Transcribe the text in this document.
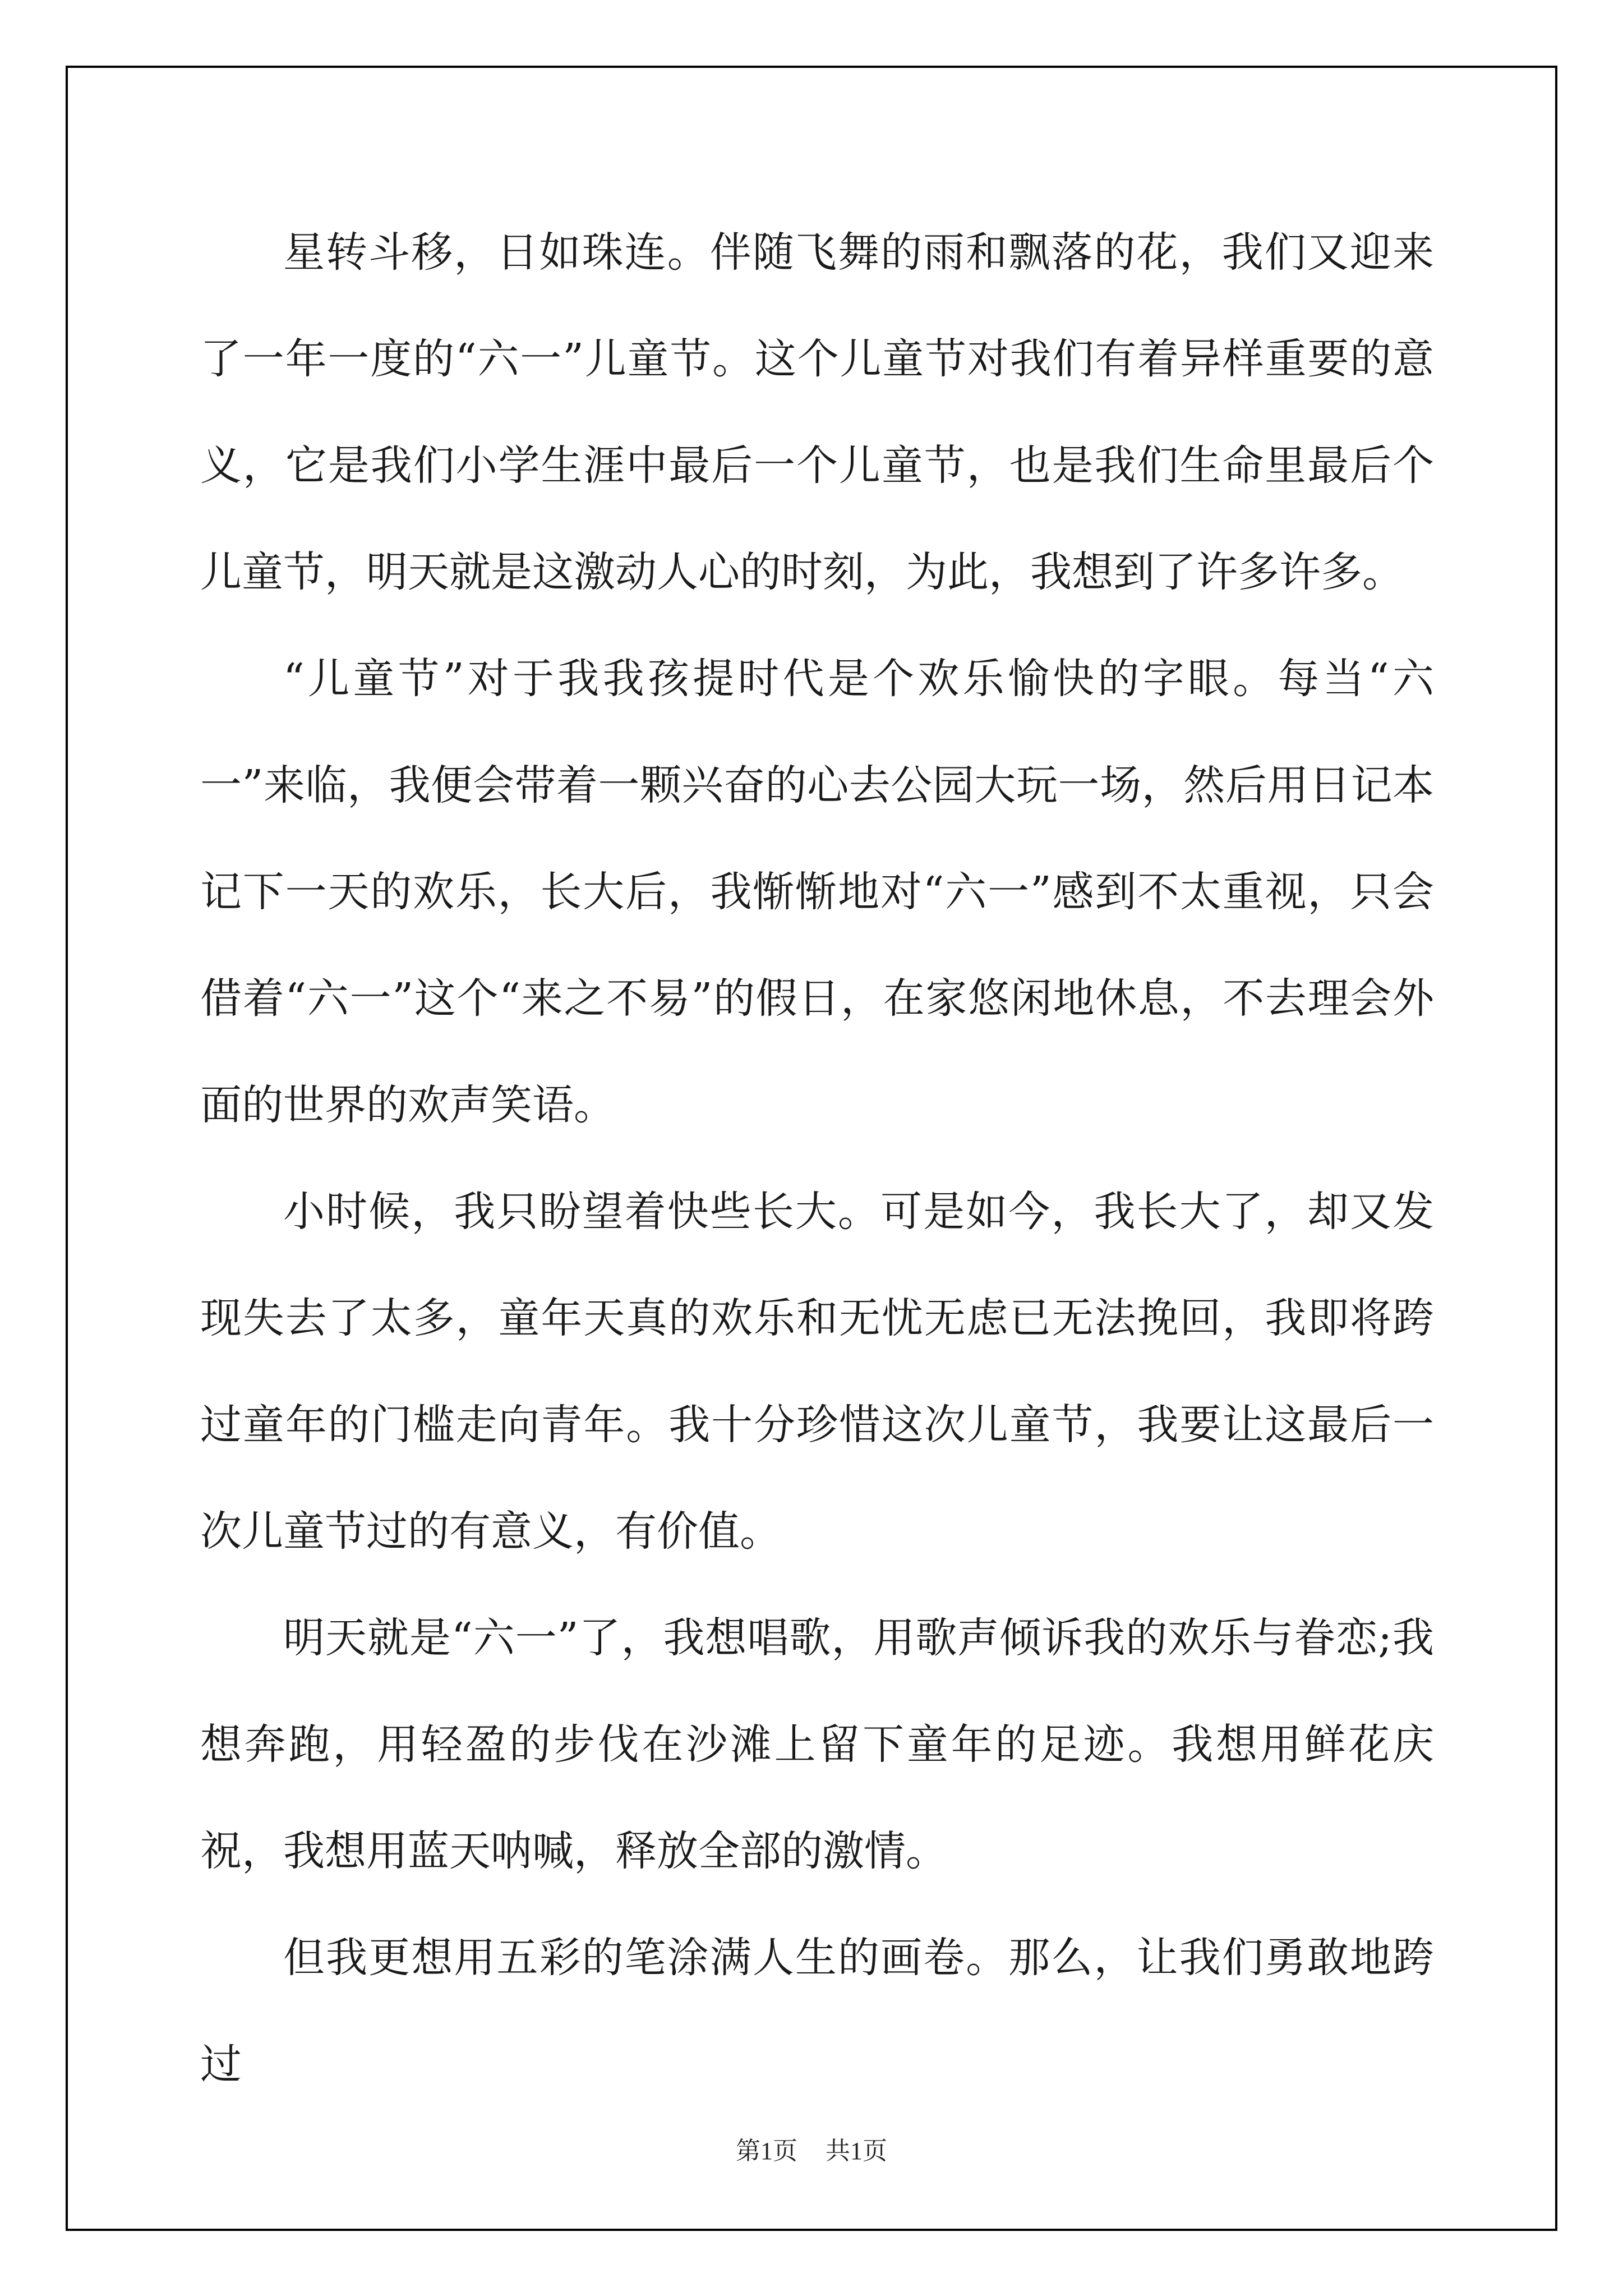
星转斗移，日如珠连。伴随飞舞的雨和飘落的花，我们又迎来了一年一度的“六一”儿童节。这个儿童节对我们有着异样重要的意义，它是我们小学生涯中最后一个儿童节，也是我们生命里最后个儿童节，明天就是这激动人心的时刻，为此，我想到了许多许多。

“儿童节”对于我我孩提时代是个欢乐愉快的字眼。每当“六一”来临，我便会带着一颗兴奋的心去公园大玩一场，然后用日记本记下一天的欢乐，长大后，我惭惭地对“六一”感到不太重视，只会借着“六一”这个“来之不易”的假日，在家悠闲地休息，不去理会外面的世界的欢声笑语。

小时候，我只盼望着快些长大。可是如今，我长大了，却又发现失去了太多，童年天真的欢乐和无忧无虑已无法挽回，我即将跨过童年的门槛走向青年。我十分珍惜这次儿童节，我要让这最后一次儿童节过的有意义，有价值。

明天就是“六一”了，我想唱歌，用歌声倾诉我的欢乐与眷恋;我想奔跑，用轻盈的步伐在沙滩上留下童年的足迹。我想用鲜花庆祝，我想用蓝天呐喊，释放全部的激情。

但我更想用五彩的笔涂满人生的画卷。那么，让我们勇敢地跨过

第1页 共1页
